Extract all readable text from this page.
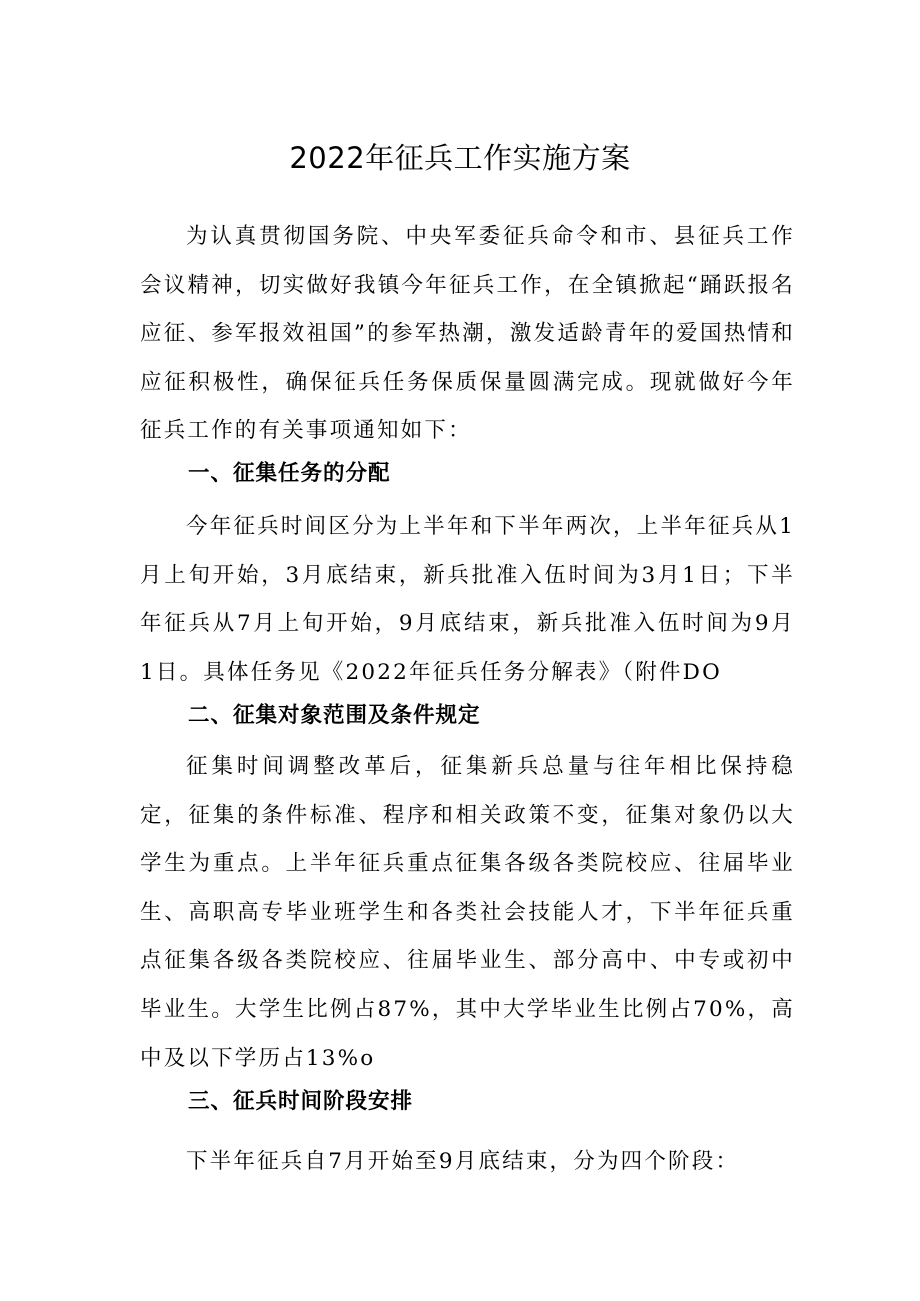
2022年征兵工作实施方案

为认真贯彻国务院、中央军委征兵命令和市、县征兵工作会议精神，切实做好我镇今年征兵工作，在全镇掀起“踊跃报名应征、参军报效祖国”的参军热潮，激发适龄青年的爱国热情和应征积极性，确保征兵任务保质保量圆满完成。现就做好今年征兵工作的有关事项通知如下：

一、征集任务的分配

今年征兵时间区分为上半年和下半年两次，上半年征兵从1月上旬开始，3月底结束，新兵批准入伍时间为3月1日；下半年征兵从7月上旬开始，9月底结束，新兵批准入伍时间为9月1日。具体任务见《2022年征兵任务分解表》（附件DO

二、征集对象范围及条件规定

征集时间调整改革后，征集新兵总量与往年相比保持稳定，征集的条件标准、程序和相关政策不变，征集对象仍以大学生为重点。上半年征兵重点征集各级各类院校应、往届毕业生、高职高专毕业班学生和各类社会技能人才，下半年征兵重点征集各级各类院校应、往届毕业生、部分高中、中专或初中毕业生。大学生比例占87%，其中大学毕业生比例占70%，高中及以下学历占13%o

三、征兵时间阶段安排

下半年征兵自7月开始至9月底结束，分为四个阶段：
